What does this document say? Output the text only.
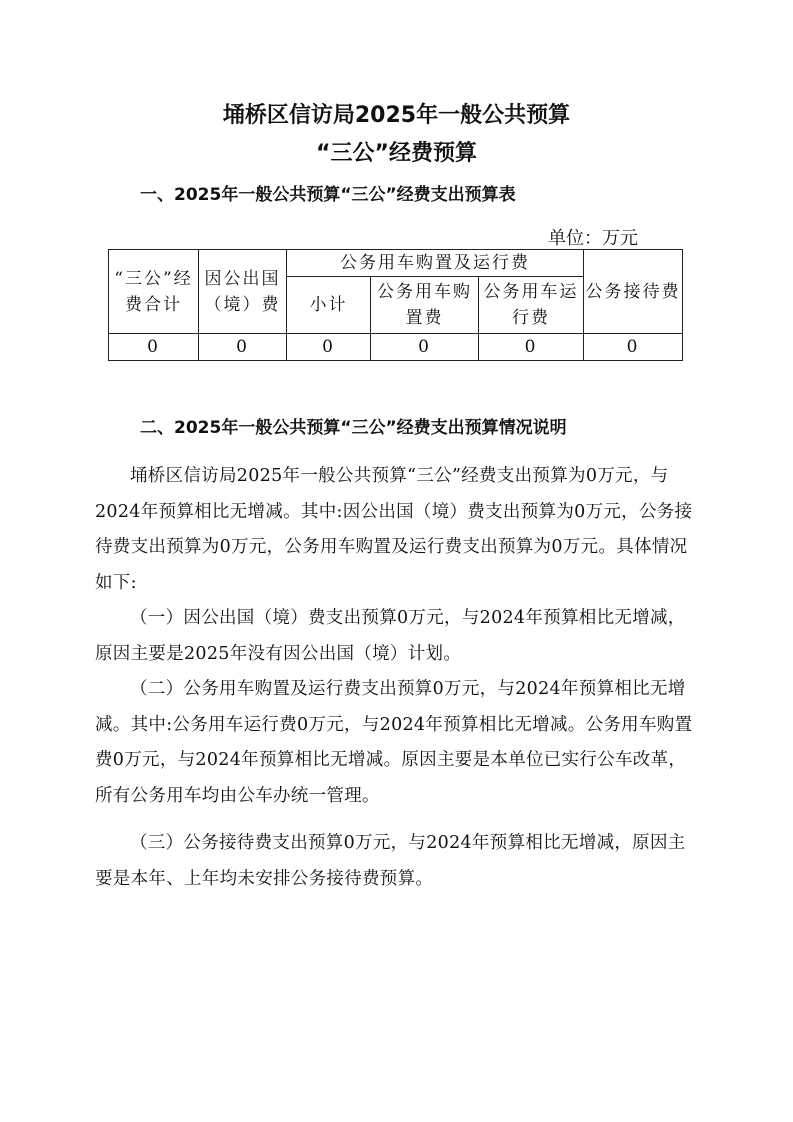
埇桥区信访局2025年一般公共预算
“三公”经费预算
一、2025年一般公共预算“三公”经费支出预算表
单位：万元
“三公”经费合计	因公出国（境）费	公务用车购置及运行费			公务接待费
		小计	公务用车购置费	公务用车运行费	
0	0	0	0	0	0
二、2025年一般公共预算“三公”经费支出预算情况说明

埇桥区信访局2025年一般公共预算“三公”经费支出预算为0万元，与2024年预算相比无增减。其中:因公出国（境）费支出预算为0万元，公务接待费支出预算为0万元，公务用车购置及运行费支出预算为0万元。具体情况如下:

（一）因公出国（境）费支出预算0万元，与2024年预算相比无增减，原因主要是2025年没有因公出国（境）计划。

（二）公务用车购置及运行费支出预算0万元，与2024年预算相比无增减。其中:公务用车运行费0万元，与2024年预算相比无增减。公务用车购置费0万元，与2024年预算相比无增减。原因主要是本单位已实行公车改革，所有公务用车均由公车办统一管理。

（三）公务接待费支出预算0万元，与2024年预算相比无增减，原因主要是本年、上年均未安排公务接待费预算。
